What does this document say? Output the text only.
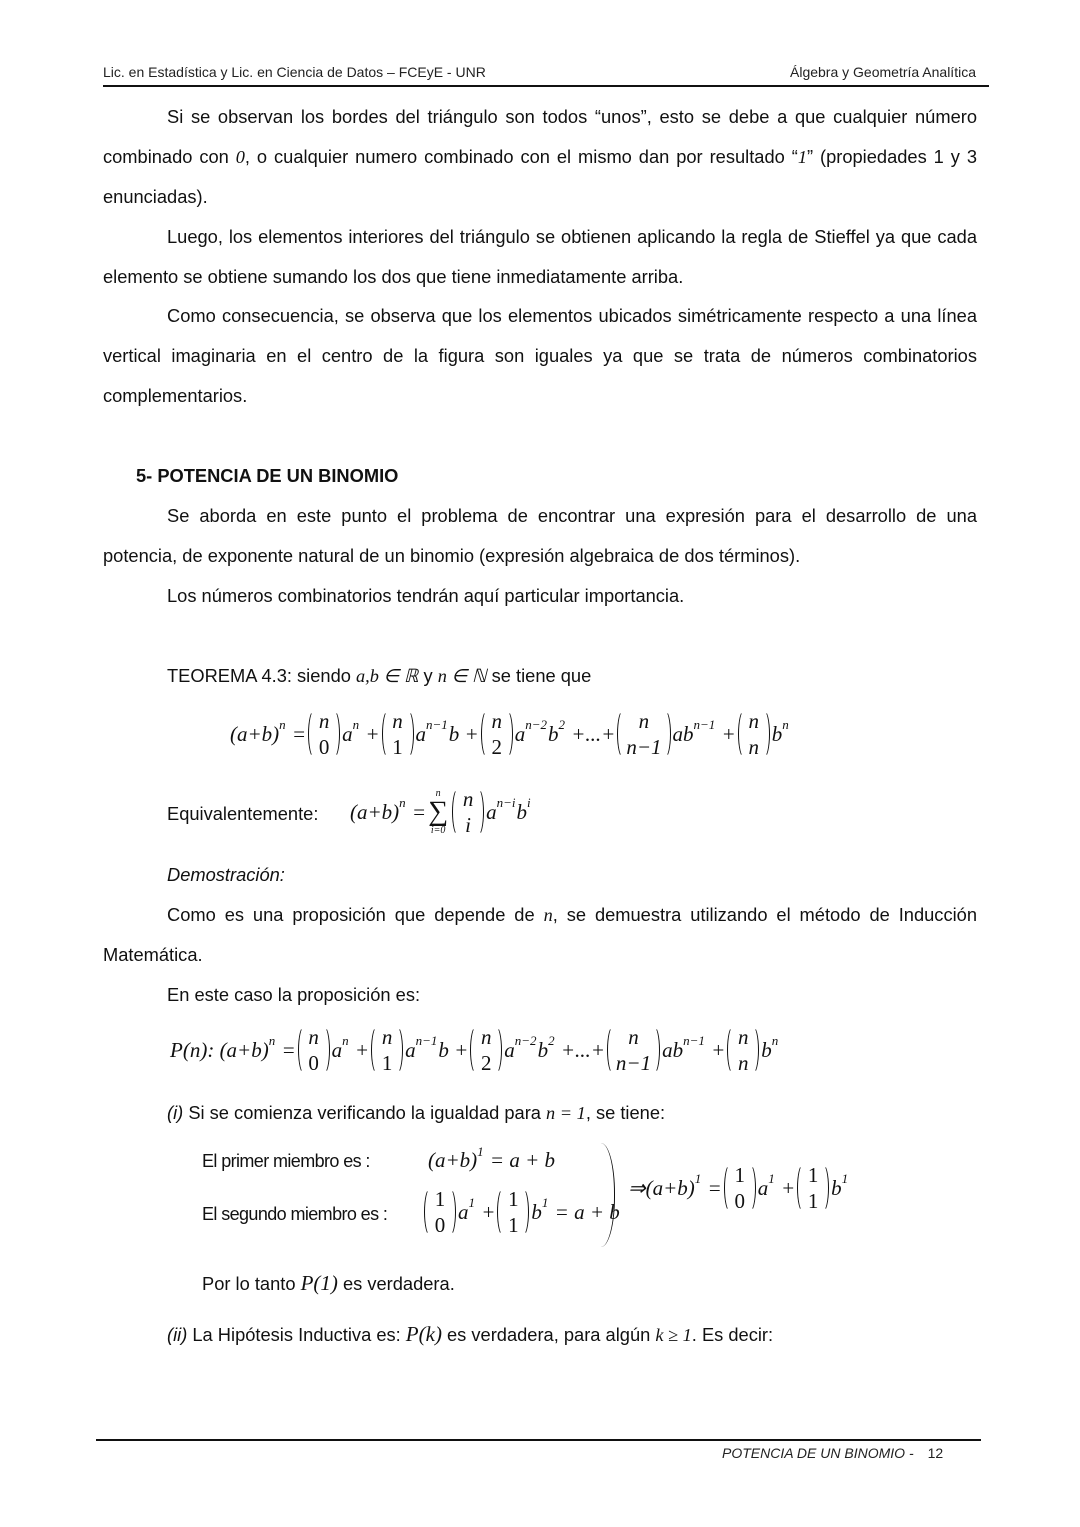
Lic. en Estadística y Lic. en Ciencia de Datos – FCEyE - UNR	Álgebra y Geometría Analítica
Si se observan los bordes del triángulo son todos “unos”, esto se debe a que cualquier número combinado con 0, o cualquier numero combinado con el mismo dan por resultado “1” (propiedades 1 y 3 enunciadas).
Luego, los elementos interiores del triángulo se obtienen aplicando la regla de Stieffel ya que cada elemento se obtiene sumando los dos que tiene inmediatamente arriba.
Como consecuencia, se observa que los elementos ubicados simétricamente respecto a una línea vertical imaginaria en el centro de la figura son iguales ya que se trata de números combinatorios complementarios.
5- POTENCIA DE UN BINOMIO
Se aborda en este punto el problema de encontrar una expresión para el desarrollo de una potencia, de exponente natural de un binomio (expresión algebraica de dos términos).
Los números combinatorios tendrán aquí particular importancia.
TEOREMA 4.3: siendo a,b ∈ ℝ y n ∈ ℕ se tiene que
(a+b) n =
n
0
a n +
n
1
a n−1 b +
n
2
a n−2 b 2 +...+
n
n−1
ab n−1 +
n
n
b n
Equivalentemente: (a+b) n =
n
∑
i=0
n
i
a n−i b i
Demostración:
Como es una proposición que depende de n, se demuestra utilizando el método de Inducción Matemática.
En este caso la proposición es:
P(n): (a+b) n =
n
0
a n +
n
1
a n−1 b +
n
2
a n−2 b 2 +...+
n
n−1
ab n−1 +
n
n
b n
(i) Si se comienza verificando la igualdad para n = 1, se tiene:
El primer miembro es :	(a+b) 1 = a + b
El segundo miembro es :
1
0
a 1 +
1
1
b 1 = a + b
⇒(a+b) 1 =
1
0
a 1 +
1
1
b 1
Por lo tanto P(1) es verdadera.
(ii) La Hipótesis Inductiva es: P(k) es verdadera, para algún k ≥ 1. Es decir:
POTENCIA DE UN BINOMIO - 12
